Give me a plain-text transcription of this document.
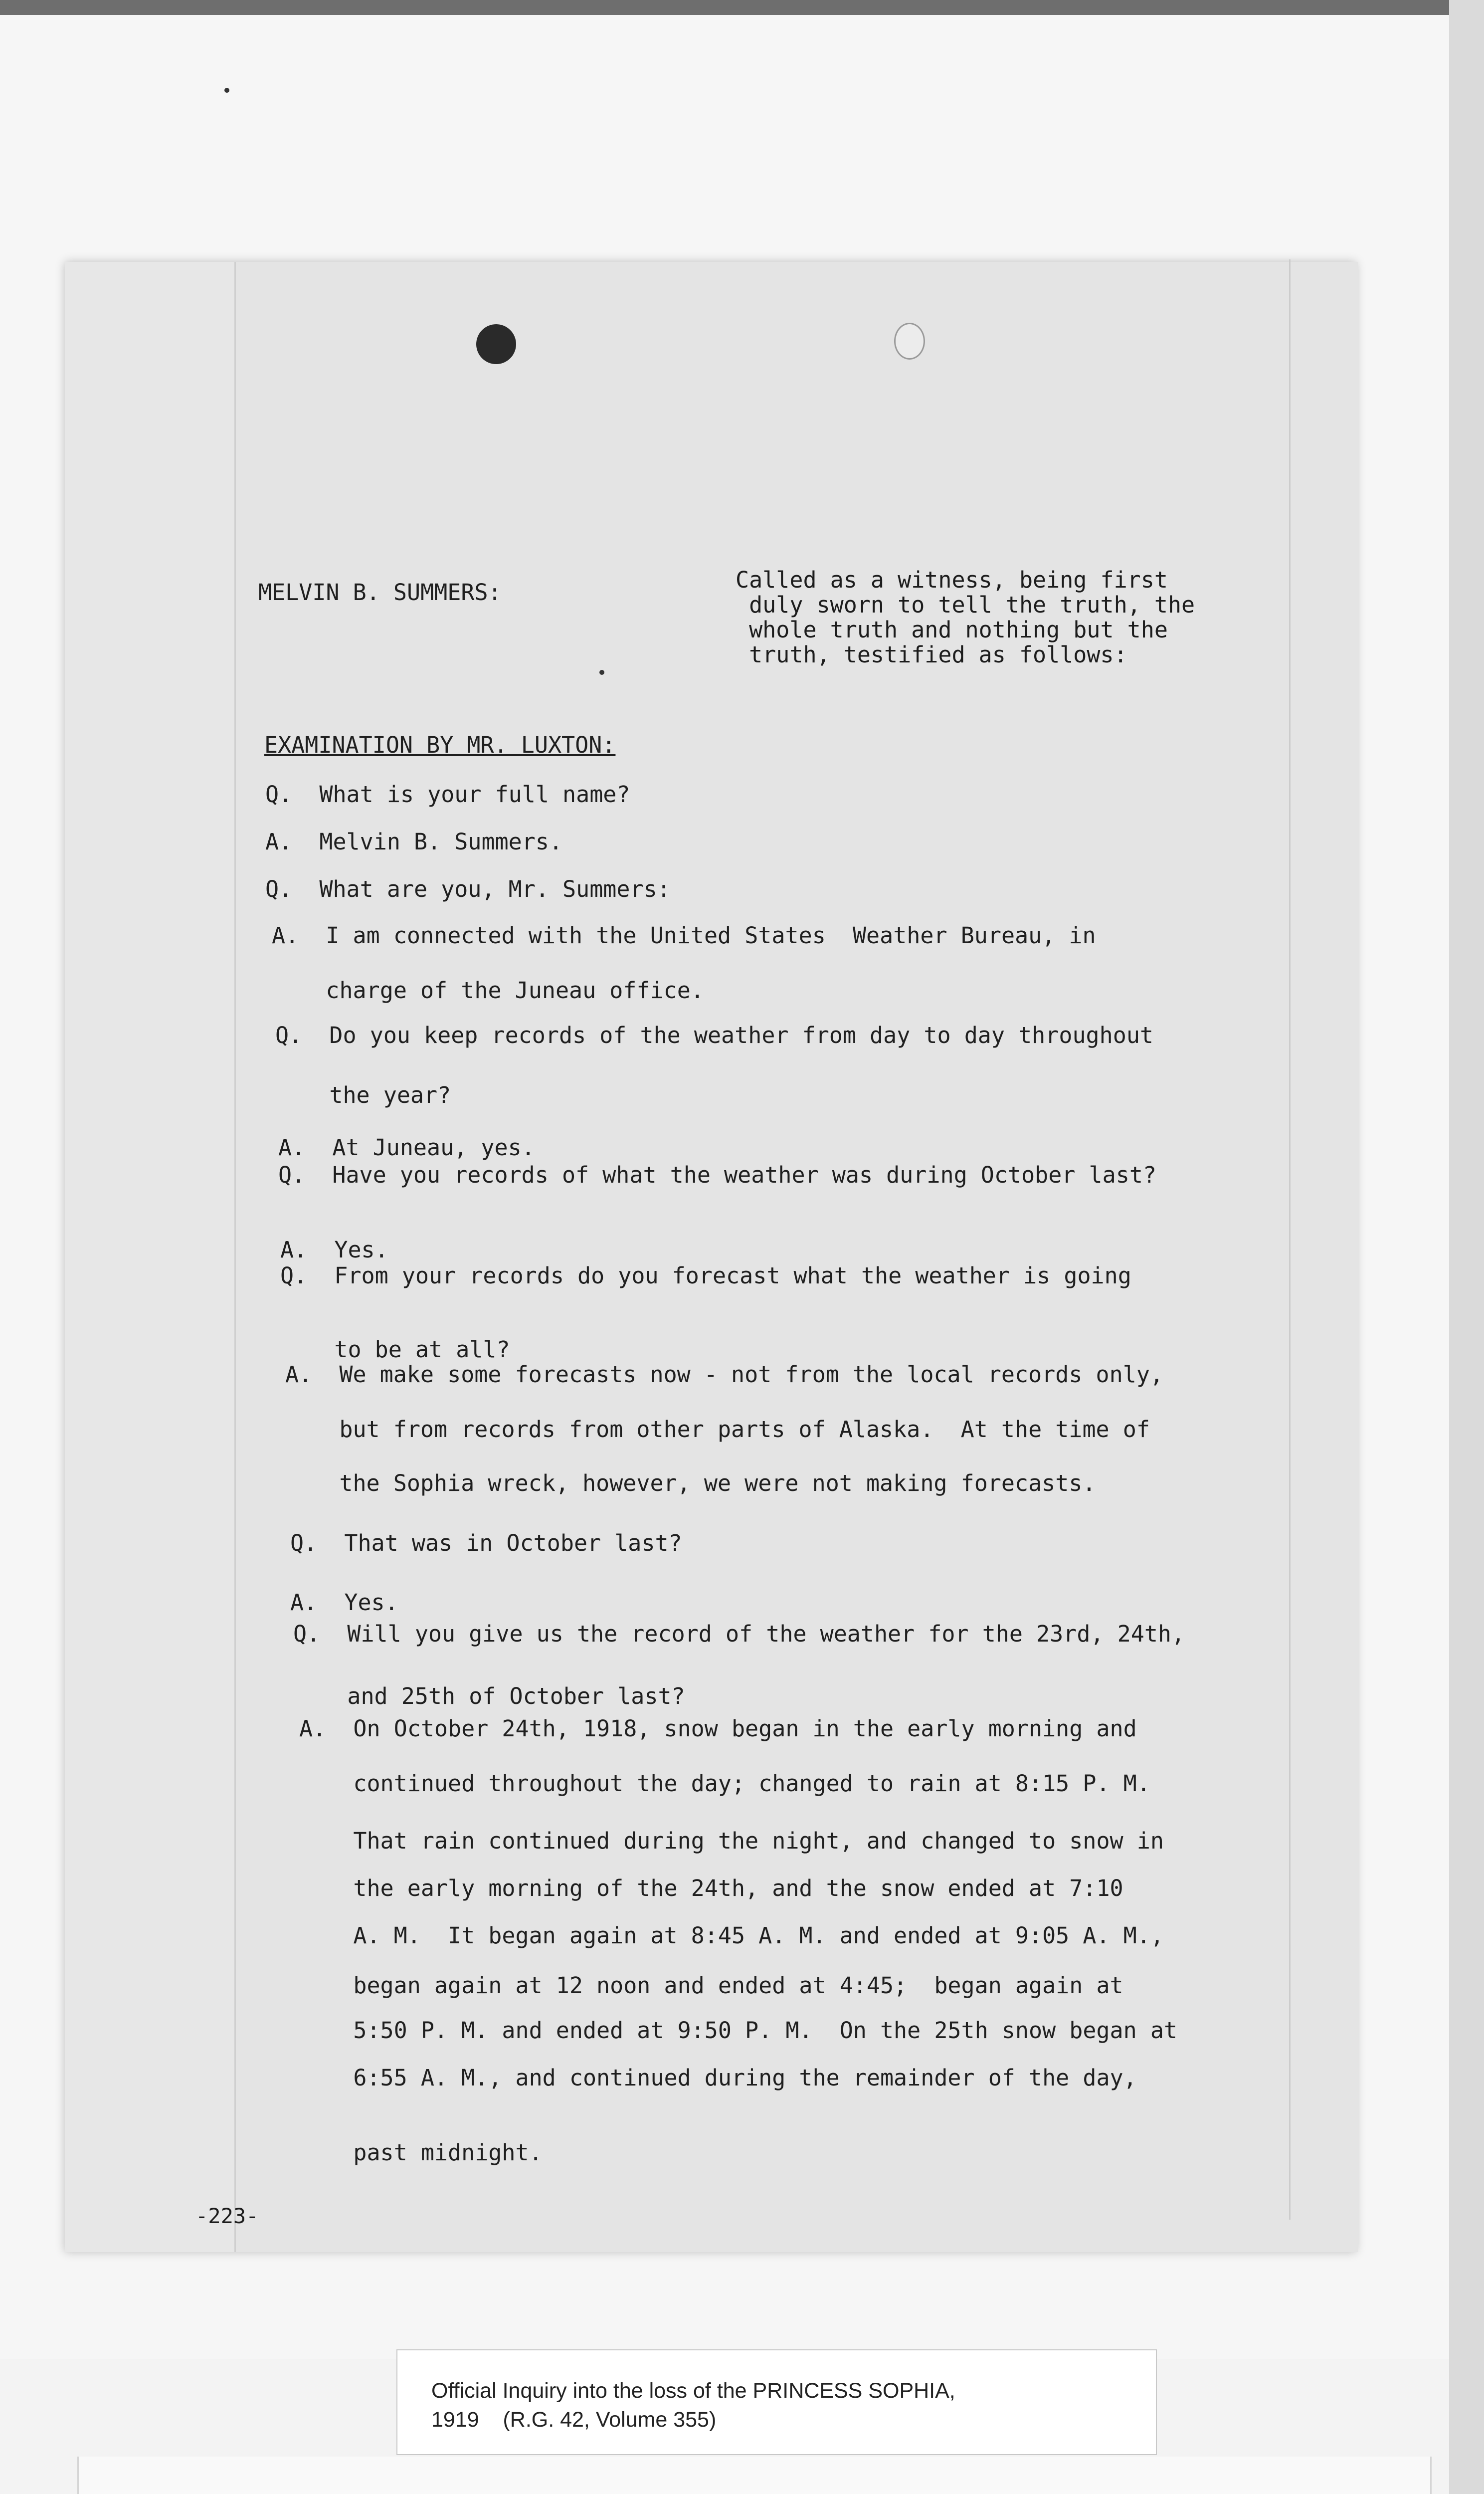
MELVIN B. SUMMERS:	Called as a witness, being first
duly sworn to tell the truth, the
whole truth and nothing but the
truth, testified as follows:
EXAMINATION BY MR. LUXTON:
Q.  What is your full name?
A.  Melvin B. Summers.
Q.  What are you, Mr. Summers:
A.  I am connected with the United States  Weather Bureau, in
charge of the Juneau office.
Q.  Do you keep records of the weather from day to day throughout
the year?
A.  At Juneau, yes.
Q.  Have you records of what the weather was during October last?
A.  Yes.
Q.  From your records do you forecast what the weather is going
to be at all?
A.  We make some forecasts now - not from the local records only,
but from records from other parts of Alaska.  At the time of
the Sophia wreck, however, we were not making forecasts.
Q.  That was in October last?
A.  Yes.
Q.  Will you give us the record of the weather for the 23rd, 24th,
and 25th of October last?
A.  On October 24th, 1918, snow began in the early morning and
continued throughout the day; changed to rain at 8:15 P. M.
That rain continued during the night, and changed to snow in
the early morning of the 24th, and the snow ended at 7:10
A. M.  It began again at 8:45 A. M. and ended at 9:05 A. M.,
began again at 12 noon and ended at 4:45;  began again at
5:50 P. M. and ended at 9:50 P. M.  On the 25th snow began at
6:55 A. M., and continued during the remainder of the day,
past midnight.
-223-
Official Inquiry into the loss of the PRINCESS SOPHIA,
1919    (R.G. 42, Volume 355)
